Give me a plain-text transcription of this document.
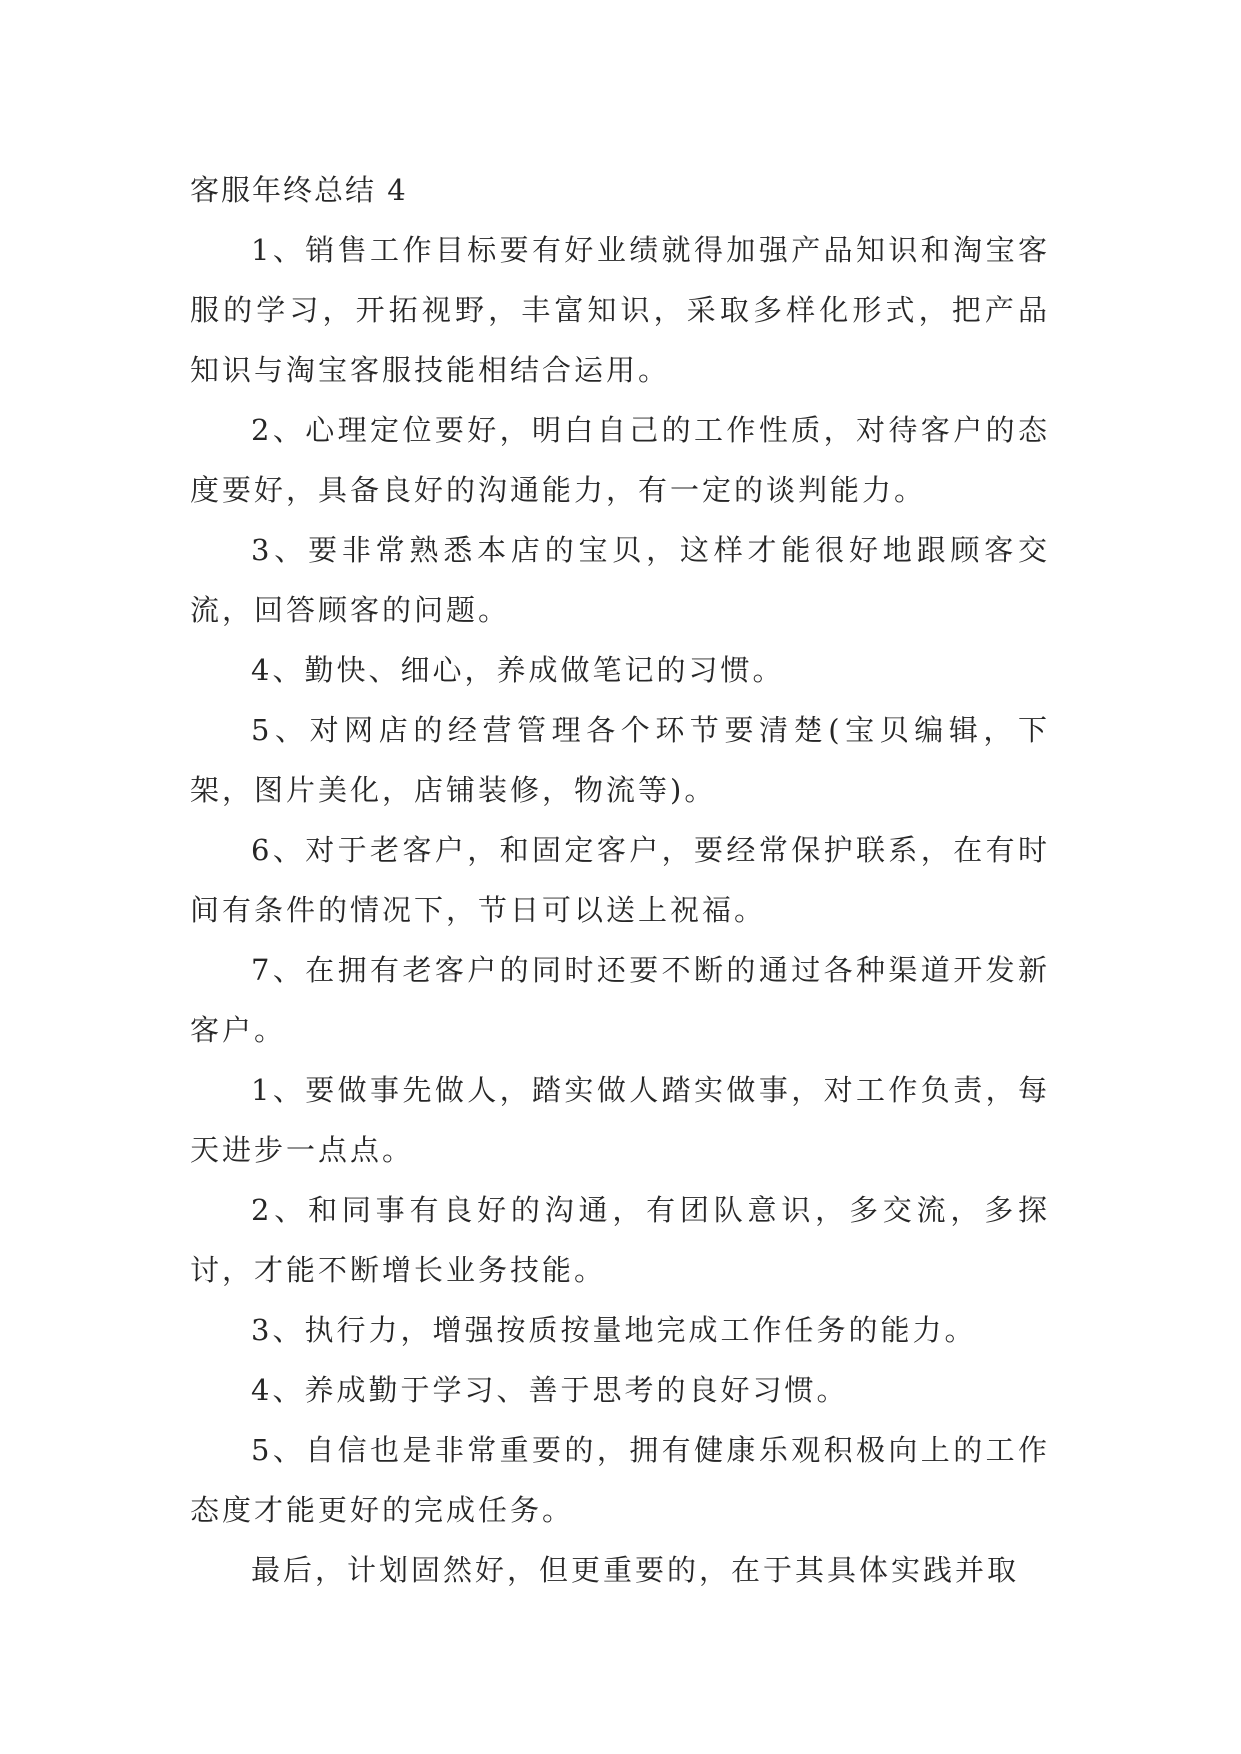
客服年终总结 4

1、销售工作目标要有好业绩就得加强产品知识和淘宝客服的学习，开拓视野，丰富知识，采取多样化形式，把产品知识与淘宝客服技能相结合运用。

2、心理定位要好，明白自己的工作性质，对待客户的态度要好，具备良好的沟通能力，有一定的谈判能力。

3、要非常熟悉本店的宝贝，这样才能很好地跟顾客交流，回答顾客的问题。

4、勤快、细心，养成做笔记的习惯。

5、对网店的经营管理各个环节要清楚(宝贝编辑，下架，图片美化，店铺装修，物流等)。

6、对于老客户，和固定客户，要经常保护联系，在有时间有条件的情况下，节日可以送上祝福。

7、在拥有老客户的同时还要不断的通过各种渠道开发新客户。

1、要做事先做人，踏实做人踏实做事，对工作负责，每天进步一点点。

2、和同事有良好的沟通，有团队意识，多交流，多探讨，才能不断增长业务技能。

3、执行力，增强按质按量地完成工作任务的能力。

4、养成勤于学习、善于思考的良好习惯。

5、自信也是非常重要的，拥有健康乐观积极向上的工作态度才能更好的完成任务。

最后，计划固然好，但更重要的，在于其具体实践并取
